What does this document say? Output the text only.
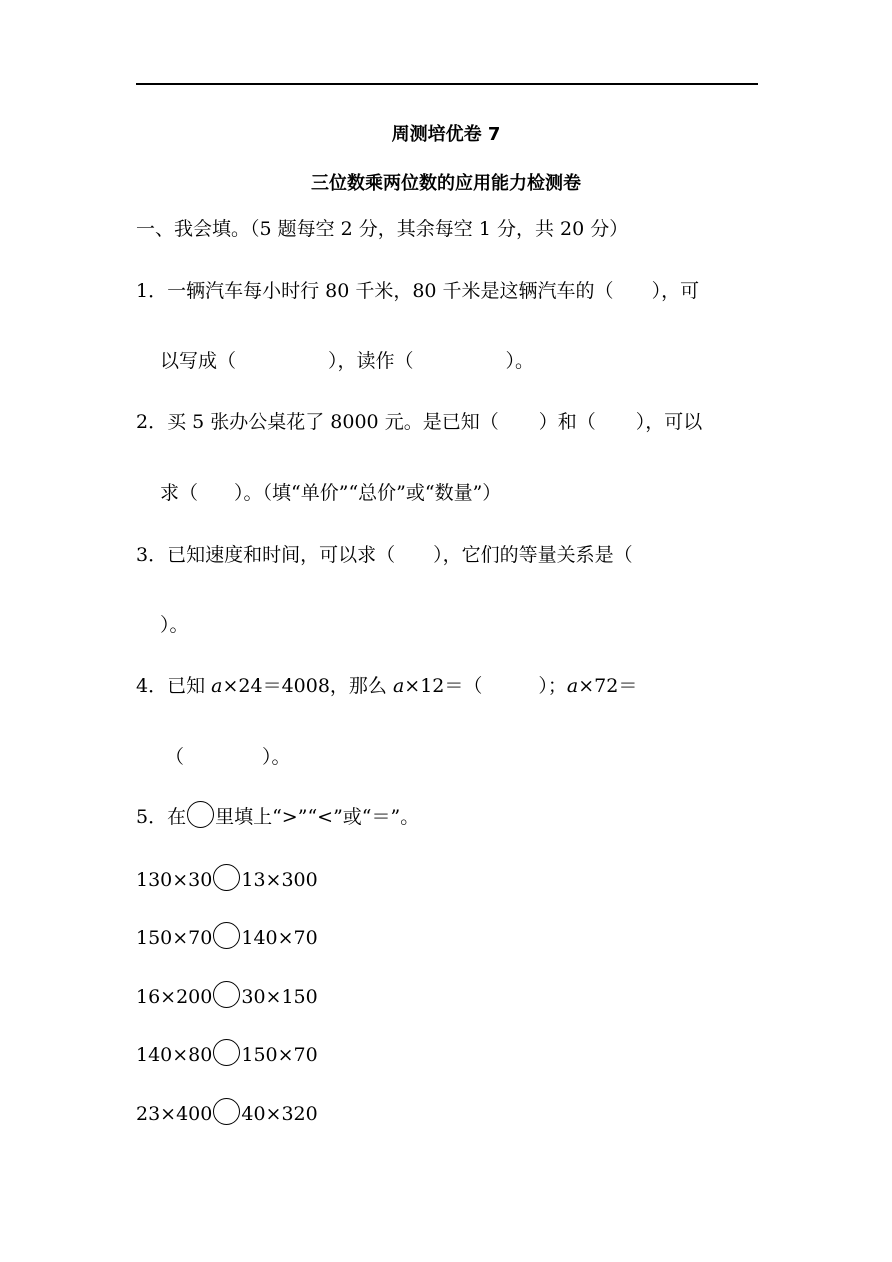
周测培优卷 7
三位数乘两位数的应用能力检测卷
一、我会填。（5 题每空 2 分，其余每空 1 分，共 20 分）
1．一辆汽车每小时行 80 千米，80 千米是这辆汽车的（ ），可
以写成（	），读作（	）。
2．买 5 张办公桌花了 8000 元。是已知（ ）和（ ），可以
求（ ）。（填“单价”“总价”或“数量”）
3．已知速度和时间，可以求（ ），它们的等量关系是（
）。
4．已知 a×24＝4008，那么 a×12＝（	）；a×72＝
（	）。
5．在 里填上“>”“<”或“＝”。
130×30 13×300
150×70 140×70
16×200 30×150
140×80 150×70
23×400 40×320
